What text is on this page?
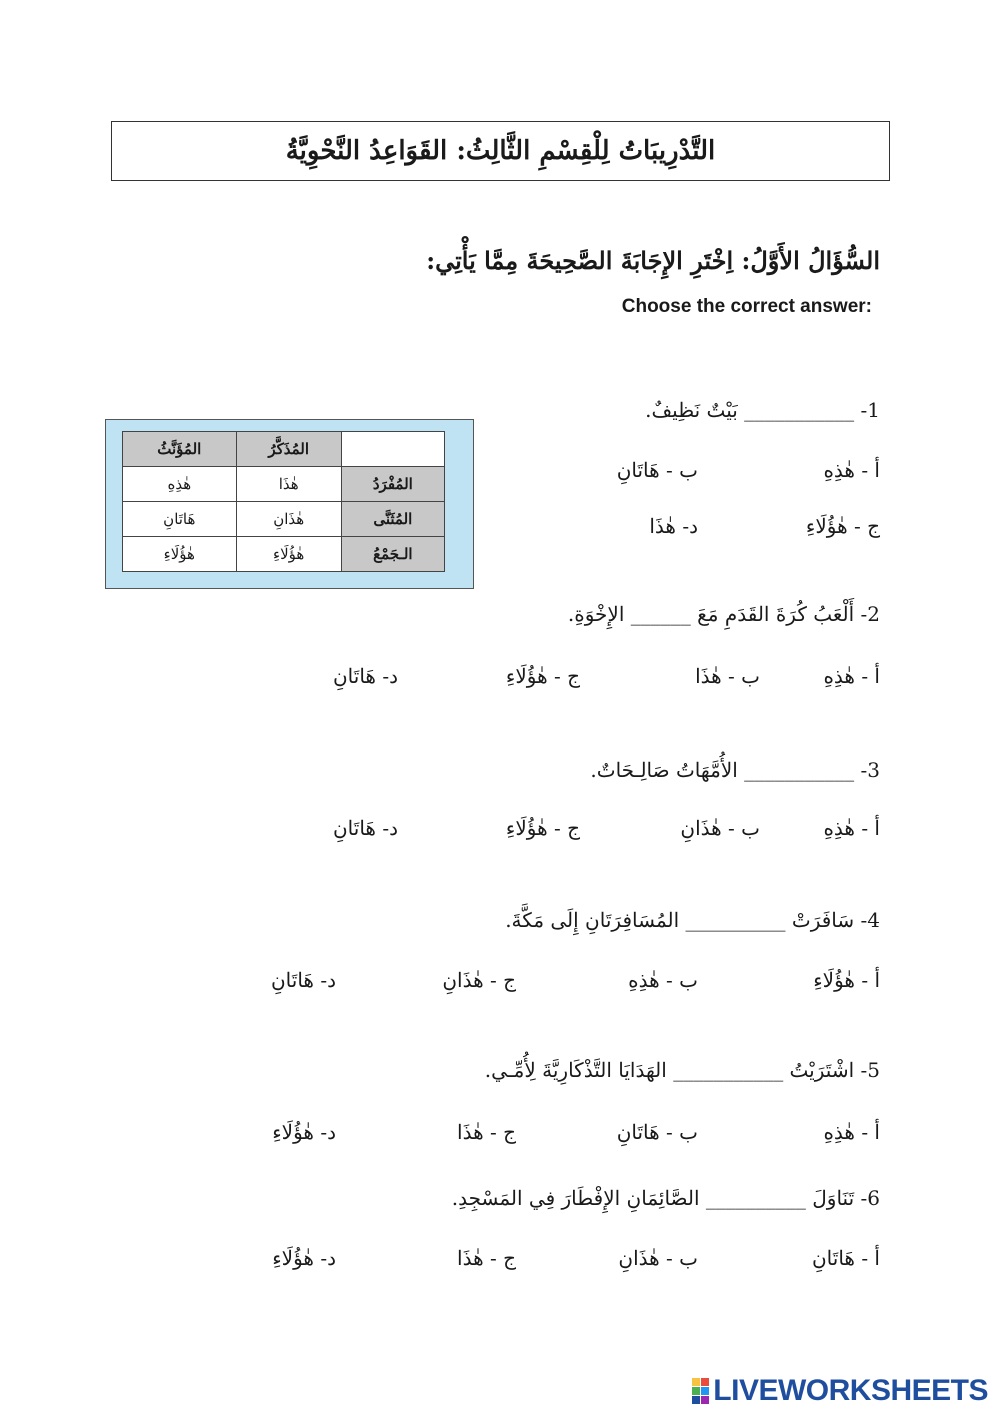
التَّدْرِيبَاتُ لِلْقِسْمِ الثَّالِثُ: القَوَاعِدُ النَّحْوِيَّةُ
السُّؤَالُ الأَوَّلُ: اِخْتَرِ الإِجَابَةَ الصَّحِيحَةَ مِمَّا يَأْتِي:
Choose the correct answer:
	المُذَكَّرُ	المُؤَنَّثُ
المُفْرَدُ	هٰذَا	هٰذِهِ
المُثَنَّى	هٰذَانِ	هَاتَانِ
الـجَمْعُ	هٰؤُلَاءِ	هٰؤُلَاءِ
1- ___________ بَيْتٌ نَظِيفٌ.
أ - هٰذِهِ
ب - هَاتَانِ
ج - هٰؤُلَاءِ
د- هٰذَا
2- أَلْعَبُ كُرَةَ القَدَمِ مَعَ ______ الإِخْوَةِ.
أ - هٰذِهِ
ب - هٰذَا
ج - هٰؤُلَاءِ
د- هَاتَانِ
3- ___________ الأُمَّهَاتُ صَالِـحَاتٌ.
أ - هٰذِهِ
ب - هٰذَانِ
ج - هٰؤُلَاءِ
د- هَاتَانِ
4- سَافَرَتْ __________ المُسَافِرَتَانِ إِلَى مَكَّةَ.
أ - هٰؤُلَاءِ
ب - هٰذِهِ
ج - هٰذَانِ
د- هَاتَانِ
5- اشْتَرَيْتُ ___________ الهَدَايَا التَّذْكَارِيَّةَ لِأُمِّـي.
أ - هٰذِهِ
ب - هَاتَانِ
ج - هٰذَا
د- هٰؤُلَاءِ
6- تَنَاوَلَ __________ الصَّائِمَانِ الإِفْطَارَ فِي المَسْجِدِ.
أ - هَاتَانِ
ب - هٰذَانِ
ج - هٰذَا
د- هٰؤُلَاءِ
LIVEWORKSHEETS
